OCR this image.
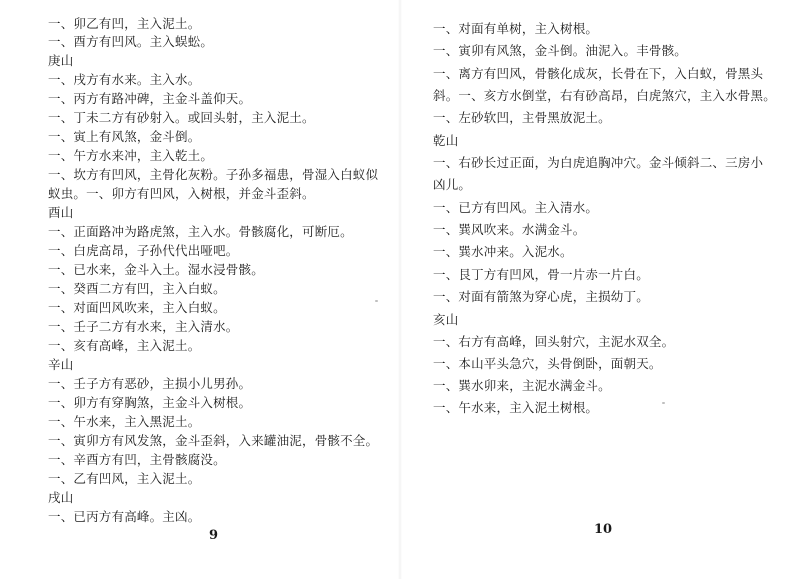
一、卯乙有凹，主入泥土。
一、酉方有凹风。主入蜈蚣。
庚山
一、戌方有水来。主入水。
一、丙方有路冲碑，主金斗盖仰天。
一、丁未二方有砂射入。或回头射，主入泥土。
一、寅上有风煞，金斗倒。
一、午方水来冲，主入乾土。
一、坎方有凹风，主骨化灰粉。子孙多福患，骨湿入白蚁似
蚁虫。一、卯方有凹风，入树根，并金斗歪斜。
酉山
一、正面路冲为路虎煞，主入水。骨骸腐化，可断厄。
一、白虎高昂，子孙代代出哑吧。
一、已水来，金斗入土。湿水浸骨骸。
一、癸酉二方有凹，主入白蚁。
一、对面凹风吹来，主入白蚁。
一、壬子二方有水来，主入清水。
一、亥有高峰，主入泥土。
辛山
一、壬子方有恶砂，主损小儿男孙。
一、卯方有穿胸煞，主金斗入树根。
一、午水来，主入黑泥土。
一、寅卯方有风发煞，金斗歪斜，入来罐油泥，骨骸不全。
一、辛酉方有凹，主骨骸腐没。
一、乙有凹风，主入泥土。
戌山
一、已丙方有高峰。主凶。
9
一、对面有单树，主入树根。
一、寅卯有风煞，金斗倒。油泥入。丰骨骸。
一、离方有凹风，骨骸化成灰，长骨在下，入白蚁，骨黑头
斜。一、亥方水倒堂，右有砂高昂，白虎煞穴，主入水骨黑。
一、左砂软凹，主骨黑放泥土。
乾山
一、右砂长过正面，为白虎追胸冲穴。金斗倾斜二、三房小
凶儿。
一、已方有凹风。主入清水。
一、巽风吹来。水满金斗。
一、巽水冲来。入泥水。
一、艮丁方有凹风，骨一片赤一片白。
一、对面有箭煞为穿心虎，主损幼丁。
亥山
一、右方有高峰，回头射穴，主泥水双全。
一、本山平头急穴，头骨倒卧，面朝天。
一、巽水卯来，主泥水满金斗。
一、午水来，主入泥土树根。
10
